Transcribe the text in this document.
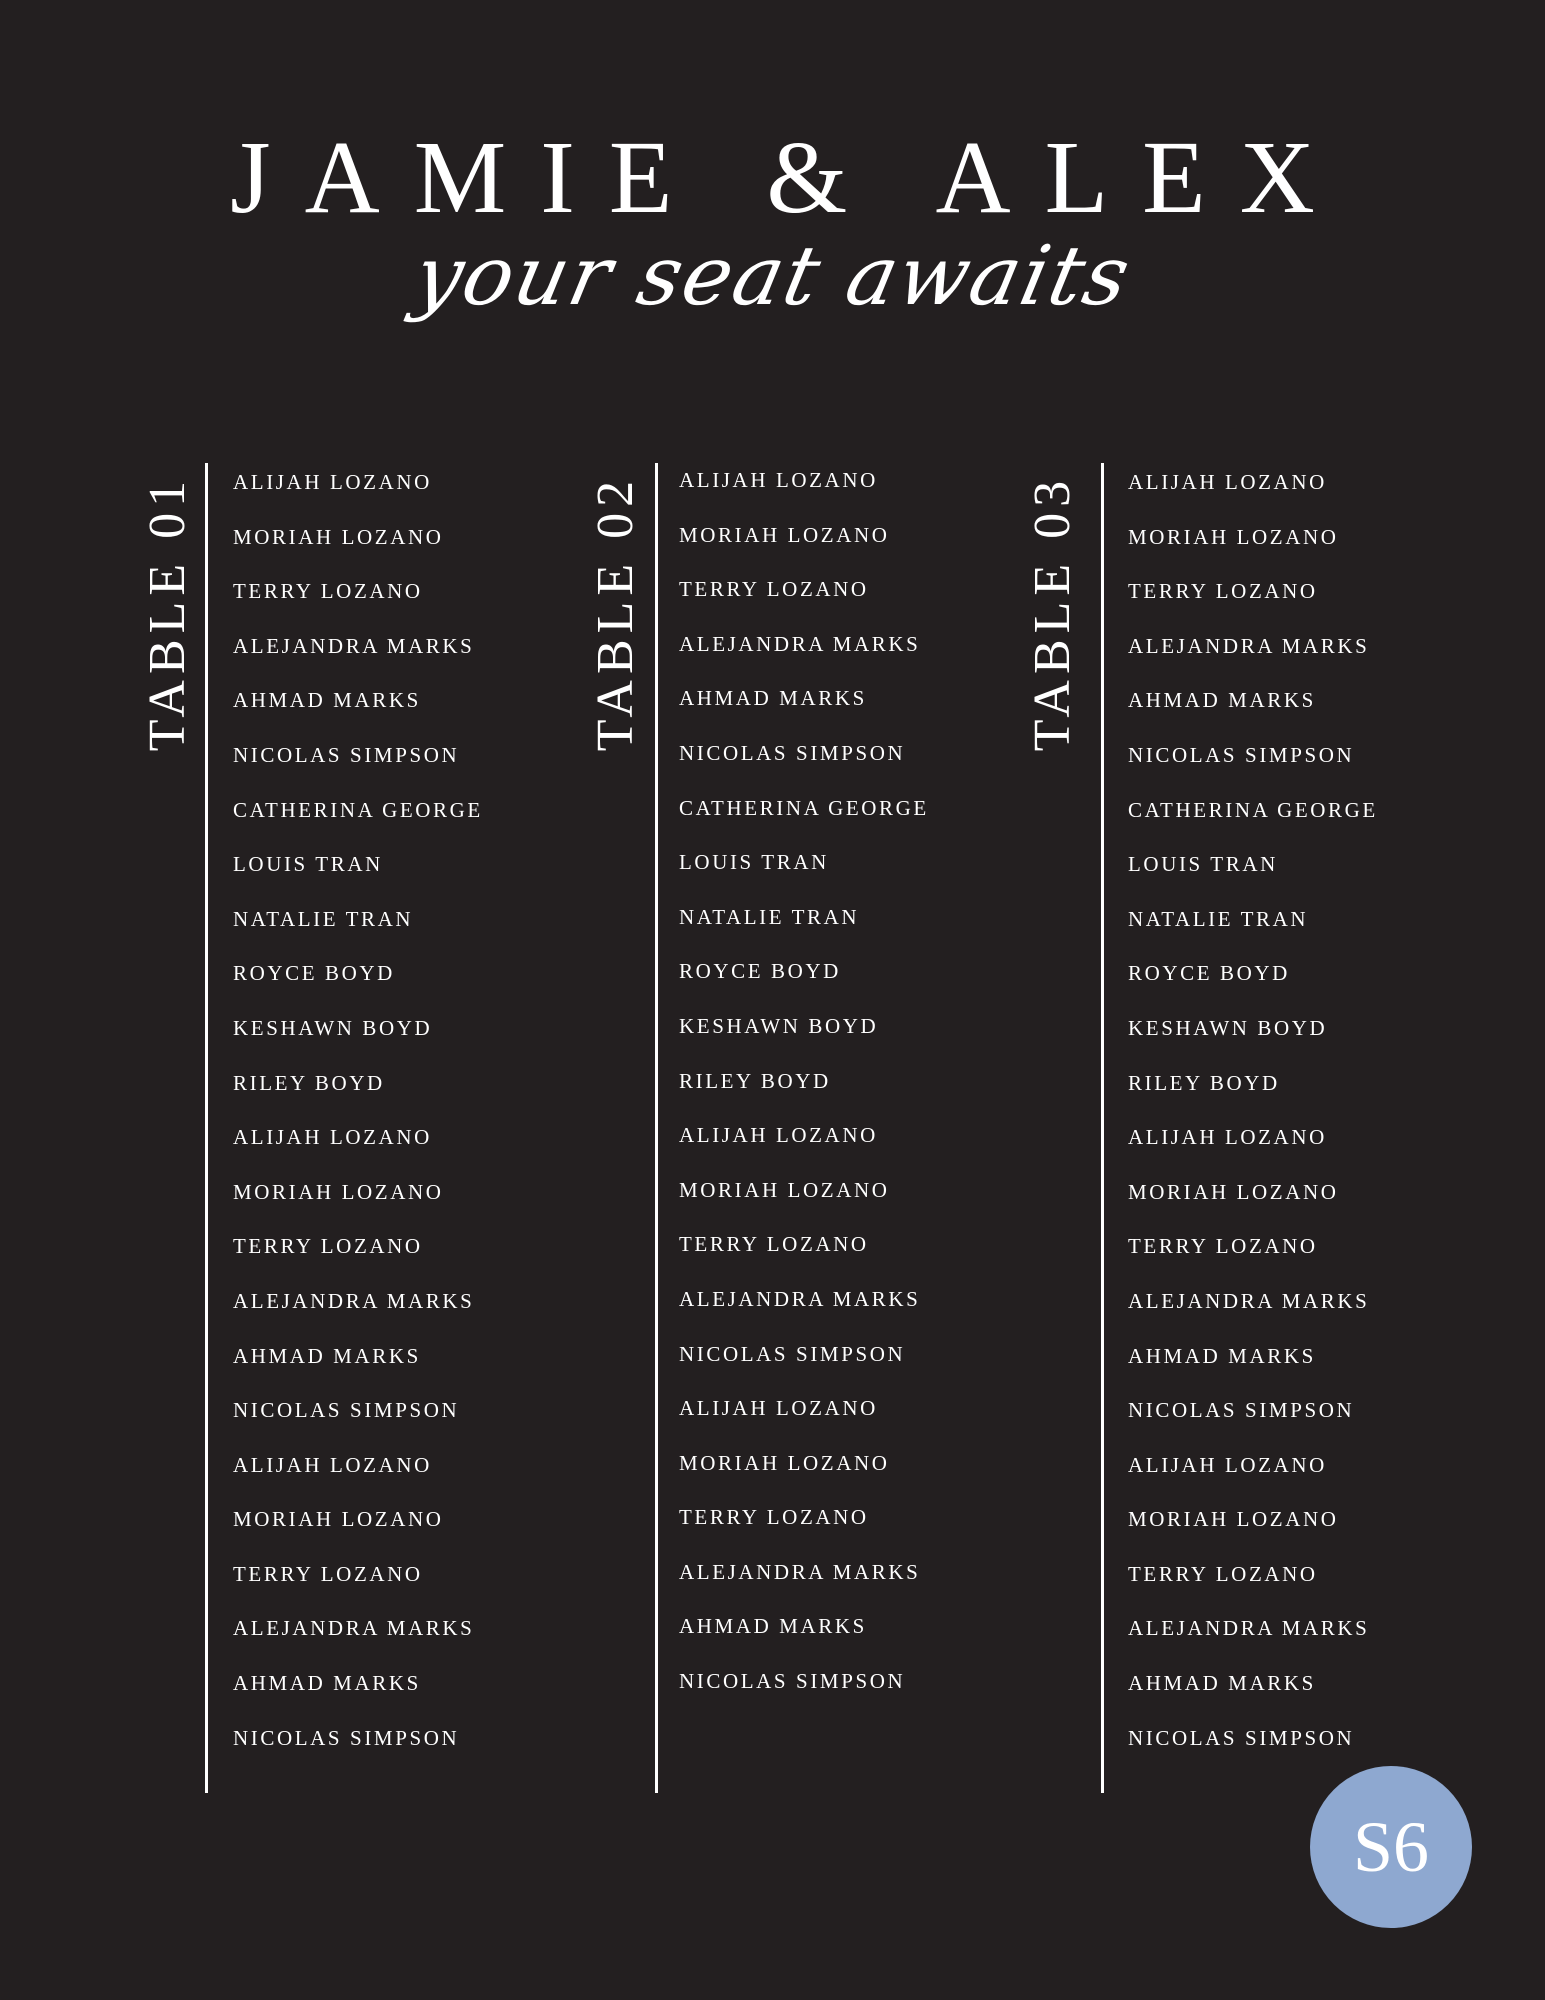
JAMIE & ALEX
your seat awaits
TABLE 01 ALIJAH LOZANO
MORIAH LOZANO
TERRY LOZANO
ALEJANDRA MARKS
AHMAD MARKS
NICOLAS SIMPSON
CATHERINA GEORGE
LOUIS TRAN
NATALIE TRAN
ROYCE BOYD
KESHAWN BOYD
RILEY BOYD
ALIJAH LOZANO
MORIAH LOZANO
TERRY LOZANO
ALEJANDRA MARKS
AHMAD MARKS
NICOLAS SIMPSON
ALIJAH LOZANO
MORIAH LOZANO
TERRY LOZANO
ALEJANDRA MARKS
AHMAD MARKS
NICOLAS SIMPSON
TABLE 02 ALIJAH LOZANO
MORIAH LOZANO
TERRY LOZANO
ALEJANDRA MARKS
AHMAD MARKS
NICOLAS SIMPSON
CATHERINA GEORGE
LOUIS TRAN
NATALIE TRAN
ROYCE BOYD
KESHAWN BOYD
RILEY BOYD
ALIJAH LOZANO
MORIAH LOZANO
TERRY LOZANO
ALEJANDRA MARKS
NICOLAS SIMPSON
ALIJAH LOZANO
MORIAH LOZANO
TERRY LOZANO
ALEJANDRA MARKS
AHMAD MARKS
NICOLAS SIMPSON
TABLE 03 ALIJAH LOZANO
MORIAH LOZANO
TERRY LOZANO
ALEJANDRA MARKS
AHMAD MARKS
NICOLAS SIMPSON
CATHERINA GEORGE
LOUIS TRAN
NATALIE TRAN
ROYCE BOYD
KESHAWN BOYD
RILEY BOYD
ALIJAH LOZANO
MORIAH LOZANO
TERRY LOZANO
ALEJANDRA MARKS
AHMAD MARKS
NICOLAS SIMPSON
ALIJAH LOZANO
MORIAH LOZANO
TERRY LOZANO
ALEJANDRA MARKS
AHMAD MARKS
NICOLAS SIMPSON
S6
